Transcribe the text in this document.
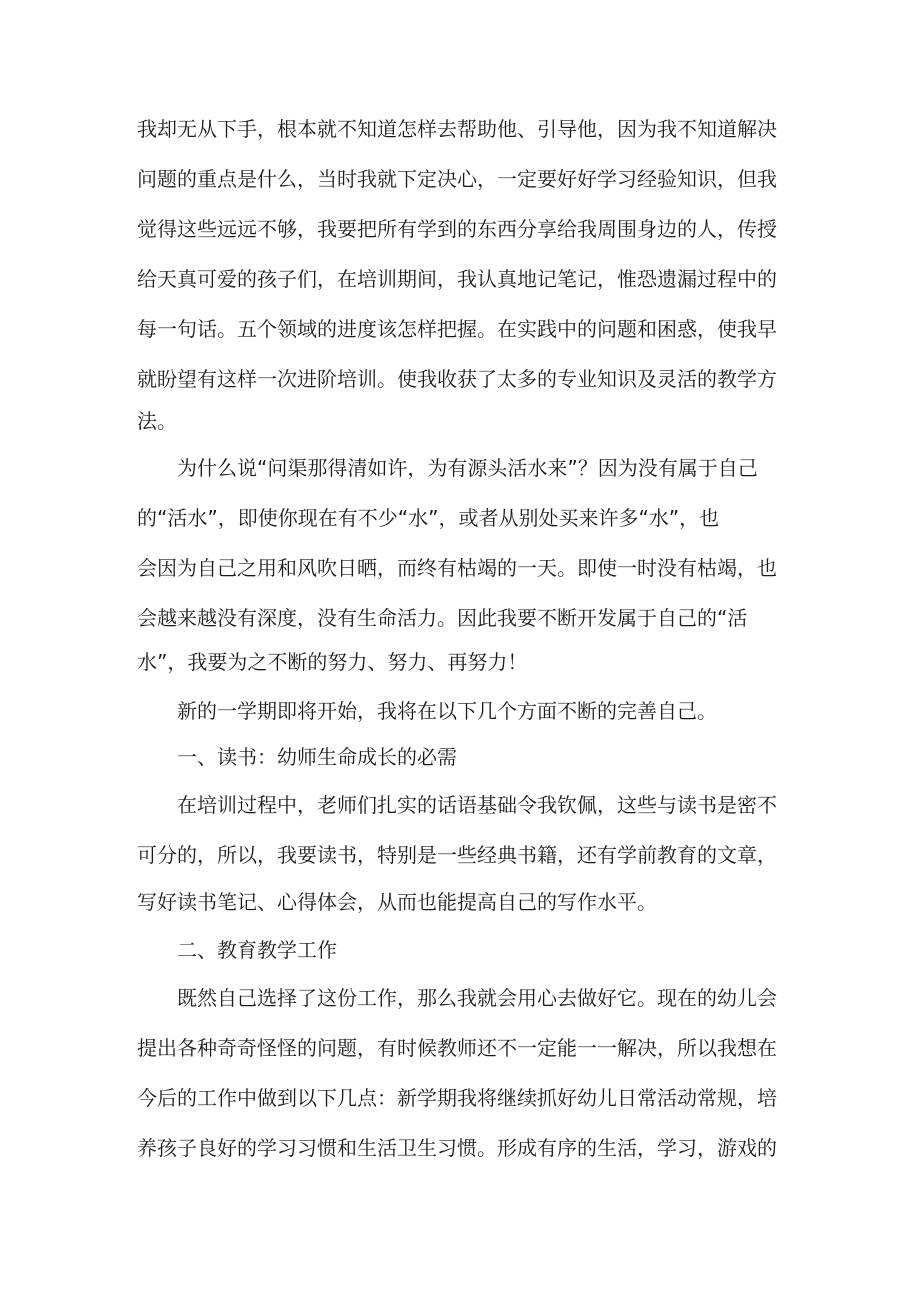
我却无从下手，根本就不知道怎样去帮助他、引导他，因为我不知道解决
问题的重点是什么，当时我就下定决心，一定要好好学习经验知识，但我
觉得这些远远不够，我要把所有学到的东西分享给我周围身边的人，传授
给天真可爱的孩子们，在培训期间，我认真地记笔记，惟恐遗漏过程中的
每一句话。五个领域的进度该怎样把握。在实践中的问题和困惑，使我早
就盼望有这样一次进阶培训。使我收获了太多的专业知识及灵活的教学方
法。
为什么说“问渠那得清如许，为有源头活水来”？因为没有属于自己
的“活水”，即使你现在有不少“水”，或者从别处买来许多“水”，也
会因为自己之用和风吹日晒，而终有枯竭的一天。即使一时没有枯竭，也
会越来越没有深度，没有生命活力。因此我要不断开发属于自己的“活
水”，我要为之不断的努力、努力、再努力！
新的一学期即将开始，我将在以下几个方面不断的完善自己。
一、读书：幼师生命成长的必需
在培训过程中，老师们扎实的话语基础令我钦佩，这些与读书是密不
可分的，所以，我要读书，特别是一些经典书籍，还有学前教育的文章，
写好读书笔记、心得体会，从而也能提高自己的写作水平。
二、教育教学工作
既然自己选择了这份工作，那么我就会用心去做好它。现在的幼儿会
提出各种奇奇怪怪的问题，有时候教师还不一定能一一解决，所以我想在
今后的工作中做到以下几点：新学期我将继续抓好幼儿日常活动常规，培
养孩子良好的学习习惯和生活卫生习惯。形成有序的生活，学习，游戏的
